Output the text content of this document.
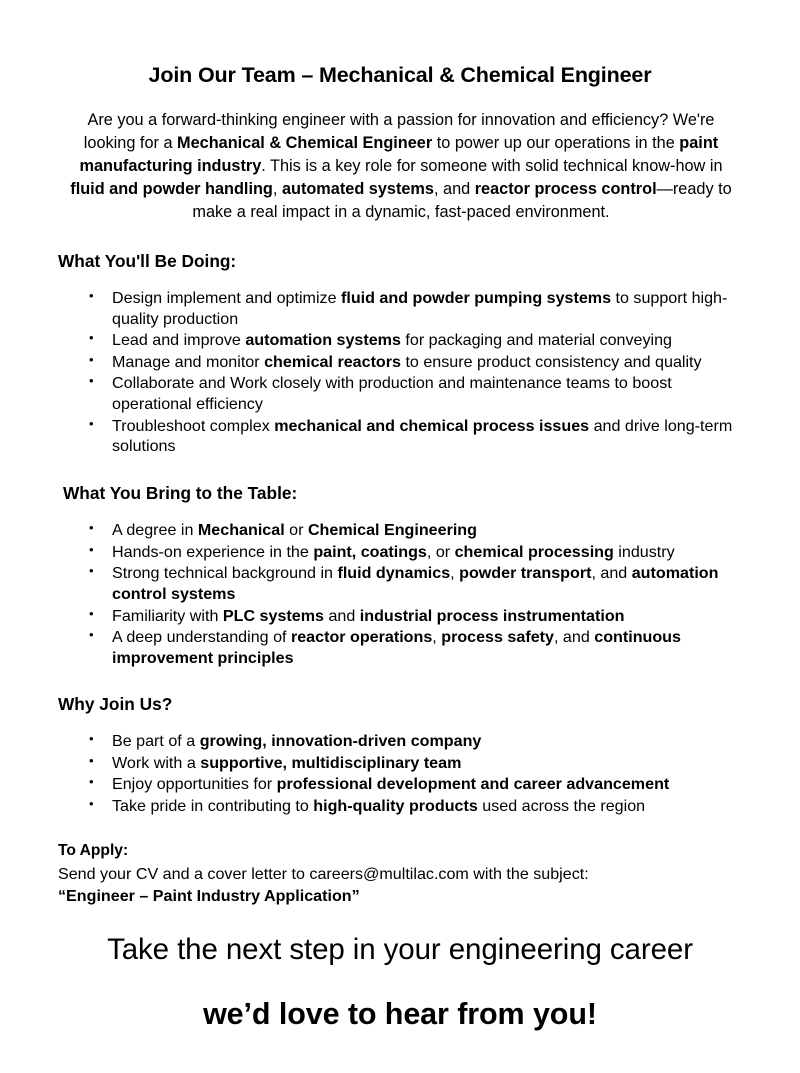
Join Our Team – Mechanical & Chemical Engineer

Are you a forward-thinking engineer with a passion for innovation and efficiency? We're looking for a Mechanical & Chemical Engineer to power up our operations in the paint manufacturing industry. This is a key role for someone with solid technical know-how in fluid and powder handling, automated systems, and reactor process control—ready to make a real impact in a dynamic, fast-paced environment.

What You'll Be Doing:
• Design implement and optimize fluid and powder pumping systems to support high-quality production
• Lead and improve automation systems for packaging and material conveying
• Manage and monitor chemical reactors to ensure product consistency and quality
• Collaborate and Work closely with production and maintenance teams to boost operational efficiency
• Troubleshoot complex mechanical and chemical process issues and drive long-term solutions
What You Bring to the Table:
• A degree in Mechanical or Chemical Engineering
• Hands-on experience in the paint, coatings, or chemical processing industry
• Strong technical background in fluid dynamics, powder transport, and automation control systems
• Familiarity with PLC systems and industrial process instrumentation
• A deep understanding of reactor operations, process safety, and continuous improvement principles
Why Join Us?
• Be part of a growing, innovation-driven company
• Work with a supportive, multidisciplinary team
• Enjoy opportunities for professional development and career advancement
• Take pride in contributing to high-quality products used across the region
To Apply:

Send your CV and a cover letter to careers@multilac.com with the subject:

“Engineer – Paint Industry Application”

Take the next step in your engineering career

we’d love to hear from you!
